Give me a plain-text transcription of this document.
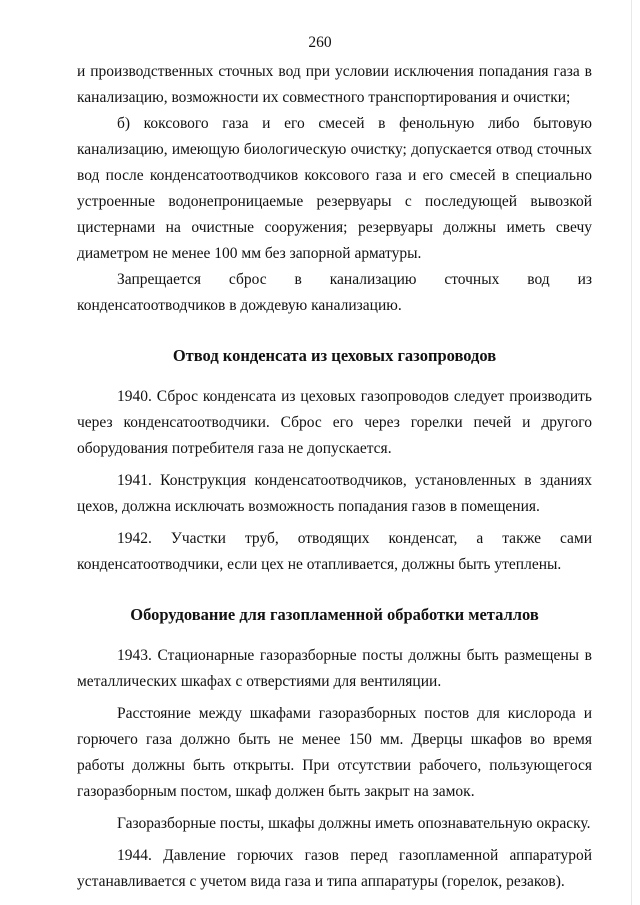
260

и производственных сточных вод при условии исключения попадания газа в канализацию, возможности их совместного транспортирования и очистки;

б) коксового газа и его смесей в фенольную либо бытовую канализацию, имеющую биологическую очистку; допускается отвод сточных вод после конденсатоотводчиков коксового газа и его смесей в специально устроенные водонепроницаемые резервуары с последующей вывозкой цистернами на очистные сооружения; резервуары должны иметь свечу диаметром не менее 100 мм без запорной арматуры.

Запрещается сброс в канализацию сточных вод из конденсатоотводчиков в дождевую канализацию.

Отвод конденсата из цеховых газопроводов

1940. Сброс конденсата из цеховых газопроводов следует производить через конденсатоотводчики. Сброс его через горелки печей и другого оборудования потребителя газа не допускается.

1941. Конструкция конденсатоотводчиков, установленных в зданиях цехов, должна исключать возможность попадания газов в помещения.

1942. Участки труб, отводящих конденсат, а также сами конденсатоотводчики, если цех не отапливается, должны быть утеплены.

Оборудование для газопламенной обработки металлов

1943. Стационарные газоразборные посты должны быть размещены в металлических шкафах с отверстиями для вентиляции.

Расстояние между шкафами газоразборных постов для кислорода и горючего газа должно быть не менее 150 мм. Дверцы шкафов во время работы должны быть открыты. При отсутствии рабочего, пользующегося газоразборным постом, шкаф должен быть закрыт на замок.

Газоразборные посты, шкафы должны иметь опознавательную окраску.

1944. Давление горючих газов перед газопламенной аппаратурой устанавливается с учетом вида газа и типа аппаратуры (горелок, резаков).
